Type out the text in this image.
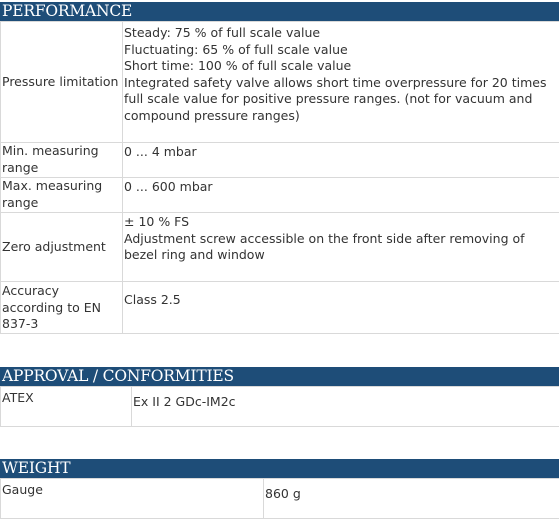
PERFORMANCE
Pressure limitation	Steady: 75 % of full scale value
Fluctuating: 65 % of full scale value
Short time: 100 % of full scale value
Integrated safety valve allows short time overpressure for 20 times full scale value for positive pressure ranges. (not for vacuum and compound pressure ranges)

Min. measuring range	0 ... 4 mbar
Max. measuring range	0 ... 600 mbar
Zero adjustment	± 10 % FS
Adjustment screw accessible on the front side after removing of bezel ring and window

Accuracy according to EN 837-3	Class 2.5
APPROVAL / CONFORMITIES
ATEX	Ex II 2 GDc-IM2c
WEIGHT
Gauge	860 g
